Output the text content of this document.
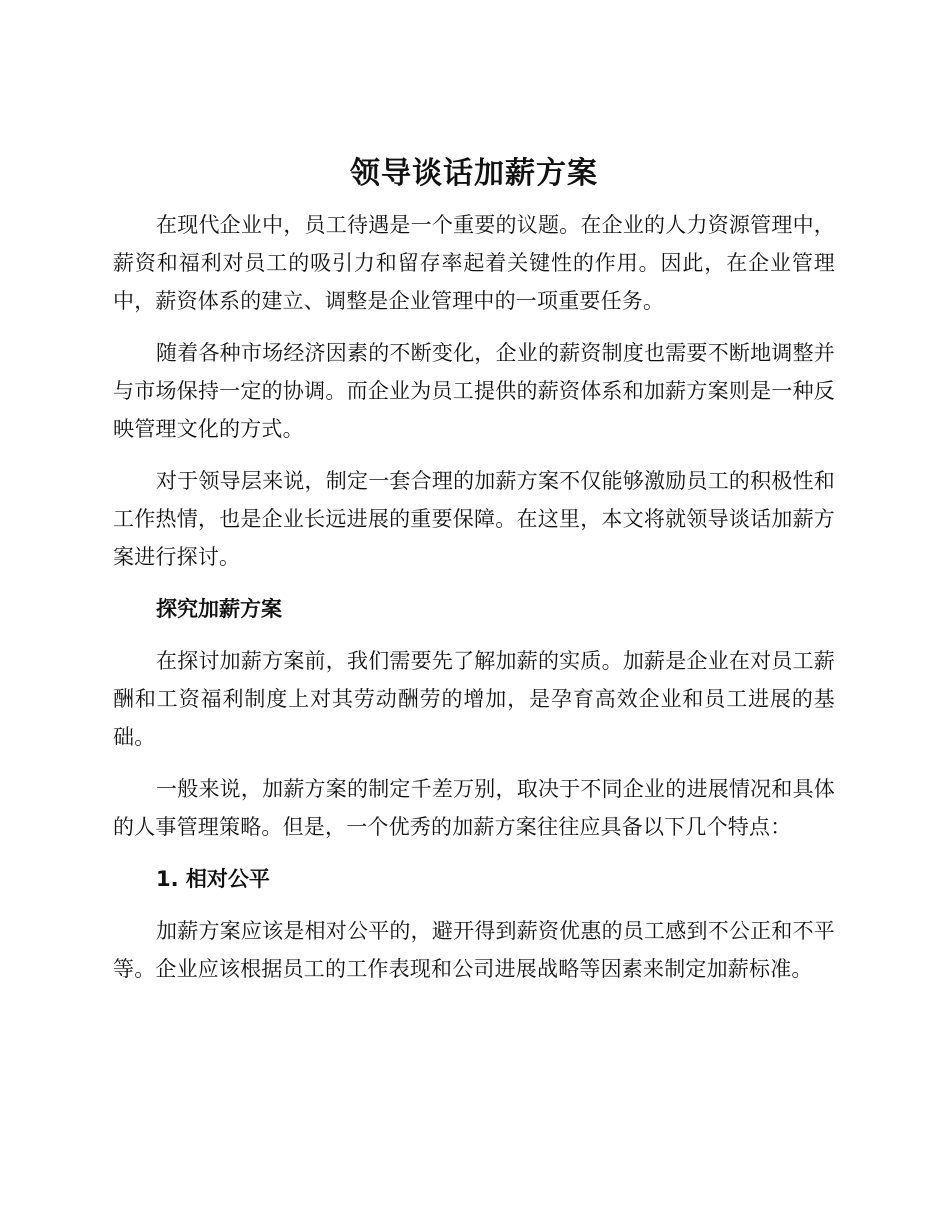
领导谈话加薪方案

在现代企业中，员工待遇是一个重要的议题。在企业的人力资源管理中，薪资和福利对员工的吸引力和留存率起着关键性的作用。因此，在企业管理中，薪资体系的建立、调整是企业管理中的一项重要任务。

随着各种市场经济因素的不断变化，企业的薪资制度也需要不断地调整并与市场保持一定的协调。而企业为员工提供的薪资体系和加薪方案则是一种反映管理文化的方式。

对于领导层来说，制定一套合理的加薪方案不仅能够激励员工的积极性和工作热情，也是企业长远进展的重要保障。在这里，本文将就领导谈话加薪方案进行探讨。

探究加薪方案

在探讨加薪方案前，我们需要先了解加薪的实质。加薪是企业在对员工薪酬和工资福利制度上对其劳动酬劳的增加，是孕育高效企业和员工进展的基础。

一般来说，加薪方案的制定千差万别，取决于不同企业的进展情况和具体的人事管理策略。但是，一个优秀的加薪方案往往应具备以下几个特点：

1. 相对公平

加薪方案应该是相对公平的，避开得到薪资优惠的员工感到不公正和不平等。企业应该根据员工的工作表现和公司进展战略等因素来制定加薪标准。
